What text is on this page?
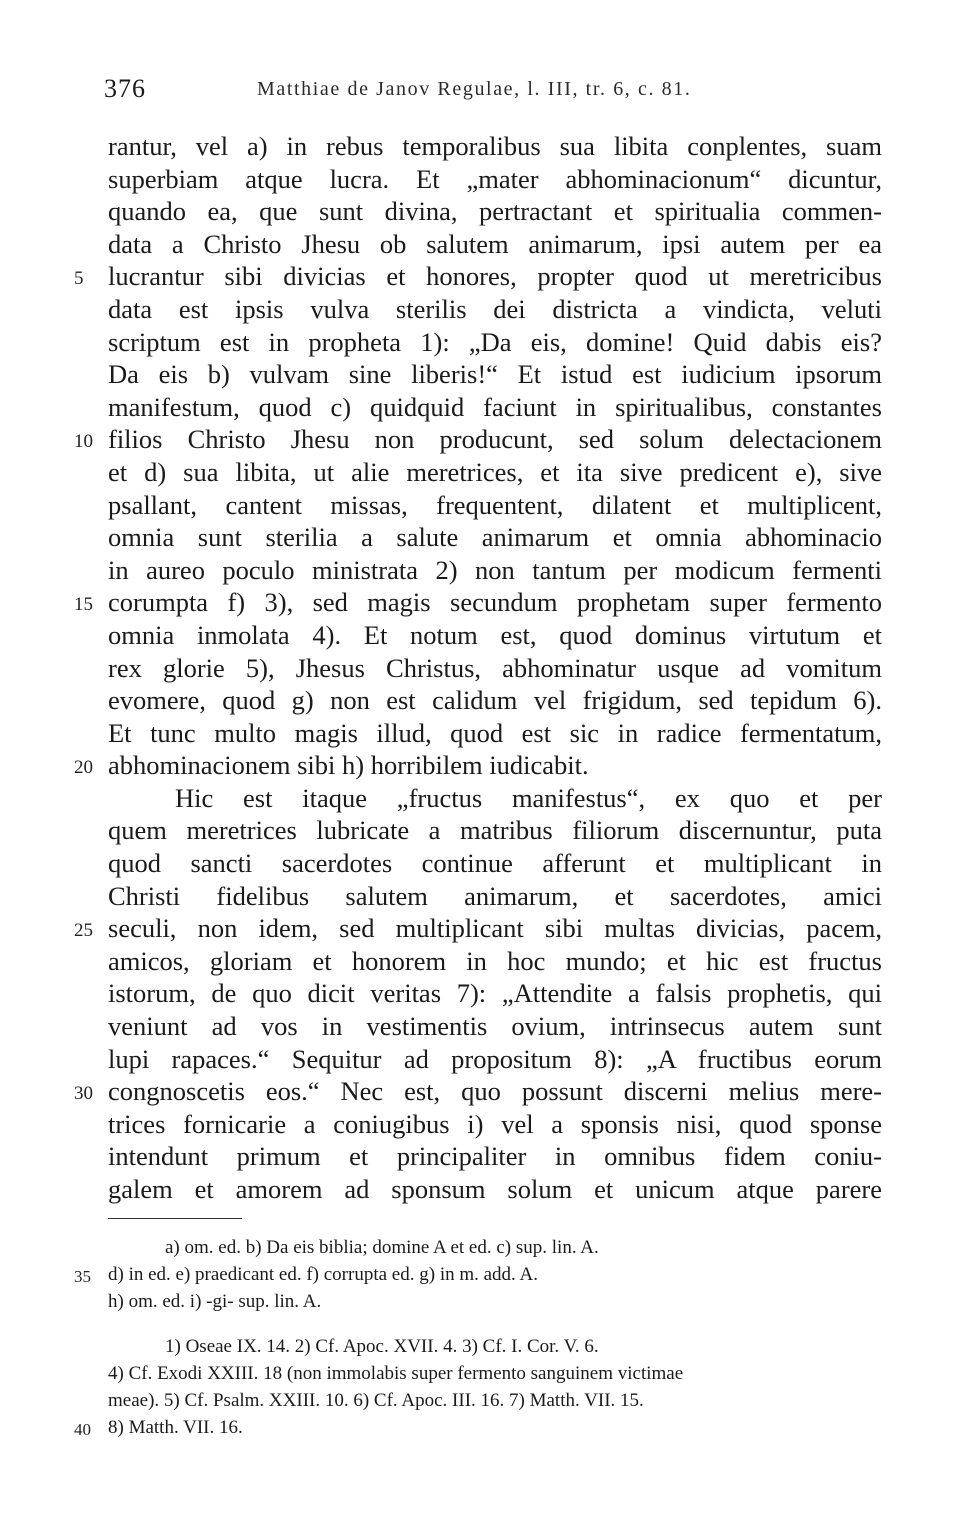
376	Matthiae de Janov Regulae, l. III, tr. 6, c. 81.
rantur, vel a) in rebus temporalibus sua libita conplentes, suam
superbiam atque lucra. Et „mater abhominacionum“ dicuntur,
quando ea, que sunt divina, pertractant et spiritualia commen-
data a Christo Jhesu ob salutem animarum, ipsi autem per ea
5 lucrantur sibi divicias et honores, propter quod ut meretricibus
data est ipsis vulva sterilis dei districta a vindicta, veluti
scriptum est in propheta 1): „Da eis, domine! Quid dabis eis?
Da eis b) vulvam sine liberis!“ Et istud est iudicium ipsorum
manifestum, quod c) quidquid faciunt in spiritualibus, constantes
10 filios Christo Jhesu non producunt, sed solum delectacionem
et d) sua libita, ut alie meretrices, et ita sive predicent e), sive
psallant, cantent missas, frequentent, dilatent et multiplicent,
omnia sunt sterilia a salute animarum et omnia abhominacio
in aureo poculo ministrata 2) non tantum per modicum fermenti
15 corumpta f) 3), sed magis secundum prophetam super fermento
omnia inmolata 4). Et notum est, quod dominus virtutum et
rex glorie 5), Jhesus Christus, abhominatur usque ad vomitum
evomere, quod g) non est calidum vel frigidum, sed tepidum 6).
Et tunc multo magis illud, quod est sic in radice fermentatum,
20 abhominacionem sibi h) horribilem iudicabit.
Hic est itaque „fructus manifestus“, ex quo et per
quem meretrices lubricate a matribus filiorum discernuntur, puta
quod sancti sacerdotes continue afferunt et multiplicant in
Christi fidelibus salutem animarum, et sacerdotes, amici
25 seculi, non idem, sed multiplicant sibi multas divicias, pacem,
amicos, gloriam et honorem in hoc mundo; et hic est fructus
istorum, de quo dicit veritas 7): „Attendite a falsis prophetis, qui
veniunt ad vos in vestimentis ovium, intrinsecus autem sunt
lupi rapaces.“ Sequitur ad propositum 8): „A fructibus eorum
30 congnoscetis eos.“ Nec est, quo possunt discerni melius mere-
trices fornicarie a coniugibus i) vel a sponsis nisi, quod sponse
intendunt primum et principaliter in omnibus fidem coniu-
galem et amorem ad sponsum solum et unicum atque parere
a) om. ed. b) Da eis biblia; domine A et ed. c) sup. lin. A.
35 d) in ed. e) praedicant ed. f) corrupta ed. g) in m. add. A.
h) om. ed. i) -gi- sup. lin. A.
1) Oseae IX. 14. 2) Cf. Apoc. XVII. 4. 3) Cf. I. Cor. V. 6.
4) Cf. Exodi XXIII. 18 (non immolabis super fermento sanguinem victimae
meae). 5) Cf. Psalm. XXIII. 10. 6) Cf. Apoc. III. 16. 7) Matth. VII. 15.
40 8) Matth. VII. 16.
